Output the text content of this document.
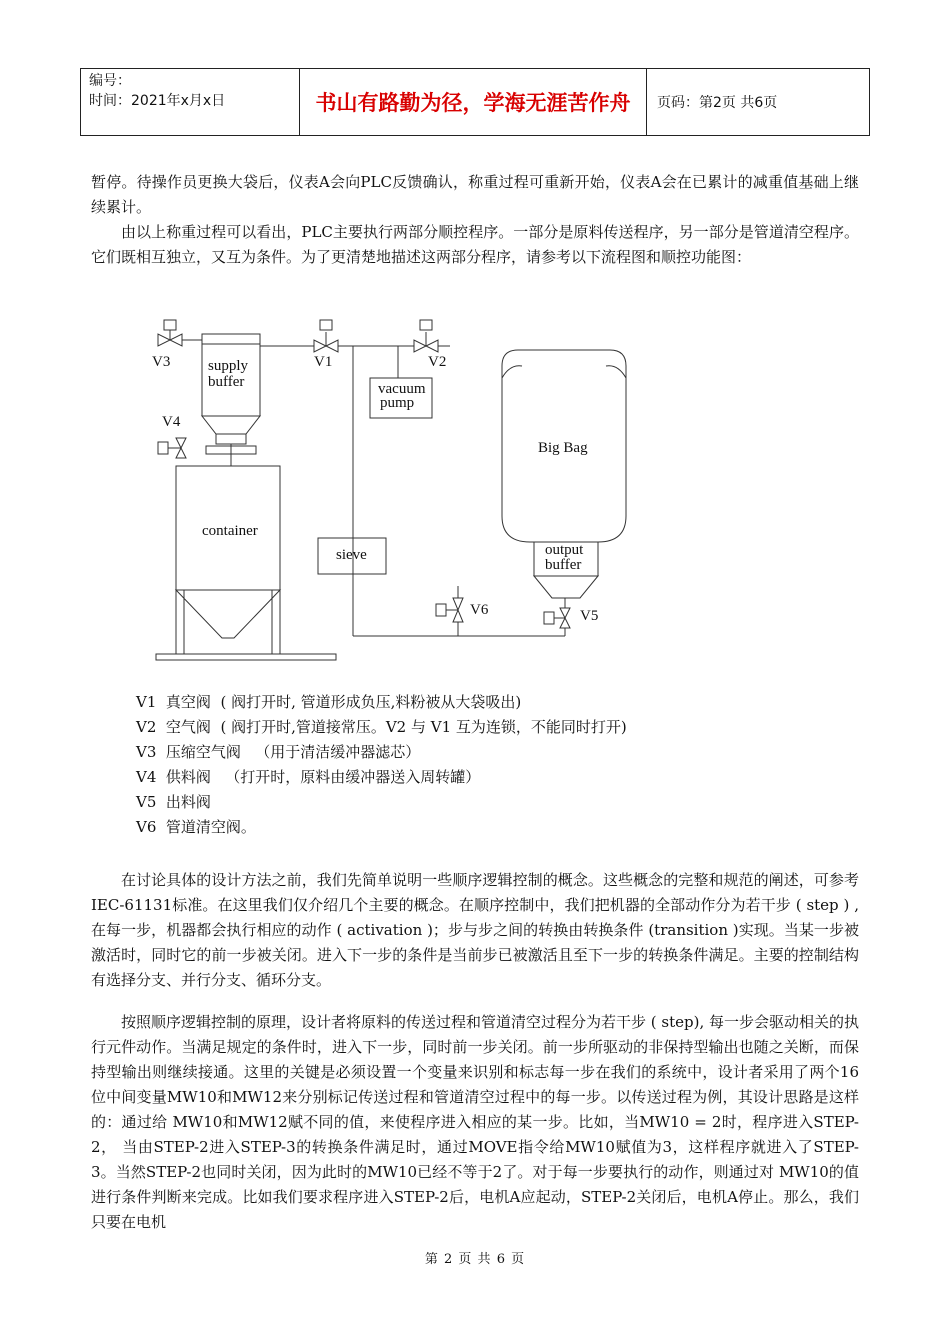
编号：
时间：2021年x月x日	书山有路勤为径，学海无涯苦作舟	页码：第2页 共6页

暂停。待操作员更换大袋后，仪表A会向PLC反馈确认，称重过程可重新开始，仪表A会在已累计的减重值基础上继续累计。

由以上称重过程可以看出，PLC主要执行两部分顺控程序。一部分是原料传送程序，另一部分是管道清空程序。它们既相互独立，又互为条件。为了更清楚地描述这两部分程序，请参考以下流程图和顺控功能图：

V3	V1	V2
V4
V6	V5
supply
buffer	vacuum
pump
Big Bag
container
sieve	output
buffer
V1  真空阀  ( 阀打开时, 管道形成负压,料粉被从大袋吸出)
V2  空气阀  ( 阀打开时,管道接常压。V2 与 V1 互为连锁，不能同时打开)
V3  压缩空气阀   （用于清洁缓冲器滤芯）
V4  供料阀   （打开时，原料由缓冲器送入周转罐）
V5  出料阀
V6  管道清空阀。

在讨论具体的设计方法之前，我们先简单说明一些顺序逻辑控制的概念。这些概念的完整和规范的阐述，可参考IEC-61131标准。在这里我们仅介绍几个主要的概念。在顺序控制中，我们把机器的全部动作分为若干步 ( step ) , 在每一步，机器都会执行相应的动作 ( activation )；步与步之间的转换由转换条件 (transition )实现。当某一步被激活时，同时它的前一步被关闭。进入下一步的条件是当前步已被激活且至下一步的转换条件满足。主要的控制结构有选择分支、并行分支、循环分支。

按照顺序逻辑控制的原理，设计者将原料的传送过程和管道清空过程分为若干步 ( step), 每一步会驱动相关的执行元件动作。当满足规定的条件时，进入下一步，同时前一步关闭。前一步所驱动的非保持型输出也随之关断，而保持型输出则继续接通。这里的关键是必须设置一个变量来识别和标志每一步在我们的系统中，设计者采用了两个16位中间变量MW10和MW12来分别标记传送过程和管道清空过程中的每一步。以传送过程为例，其设计思路是这样的：通过给 MW10和MW12赋不同的值，来使程序进入相应的某一步。比如，当MW10 = 2时，程序进入STEP-2， 当由STEP-2进入STEP-3的转换条件满足时，通过MOVE指令给MW10赋值为3，这样程序就进入了STEP-3。当然STEP-2也同时关闭，因为此时的MW10已经不等于2了。对于每一步要执行的动作，则通过对 MW10的值进行条件判断来完成。比如我们要求程序进入STEP-2后，电机A应起动，STEP-2关闭后，电机A停止。那么，我们只要在电机

第 2 页 共 6 页
